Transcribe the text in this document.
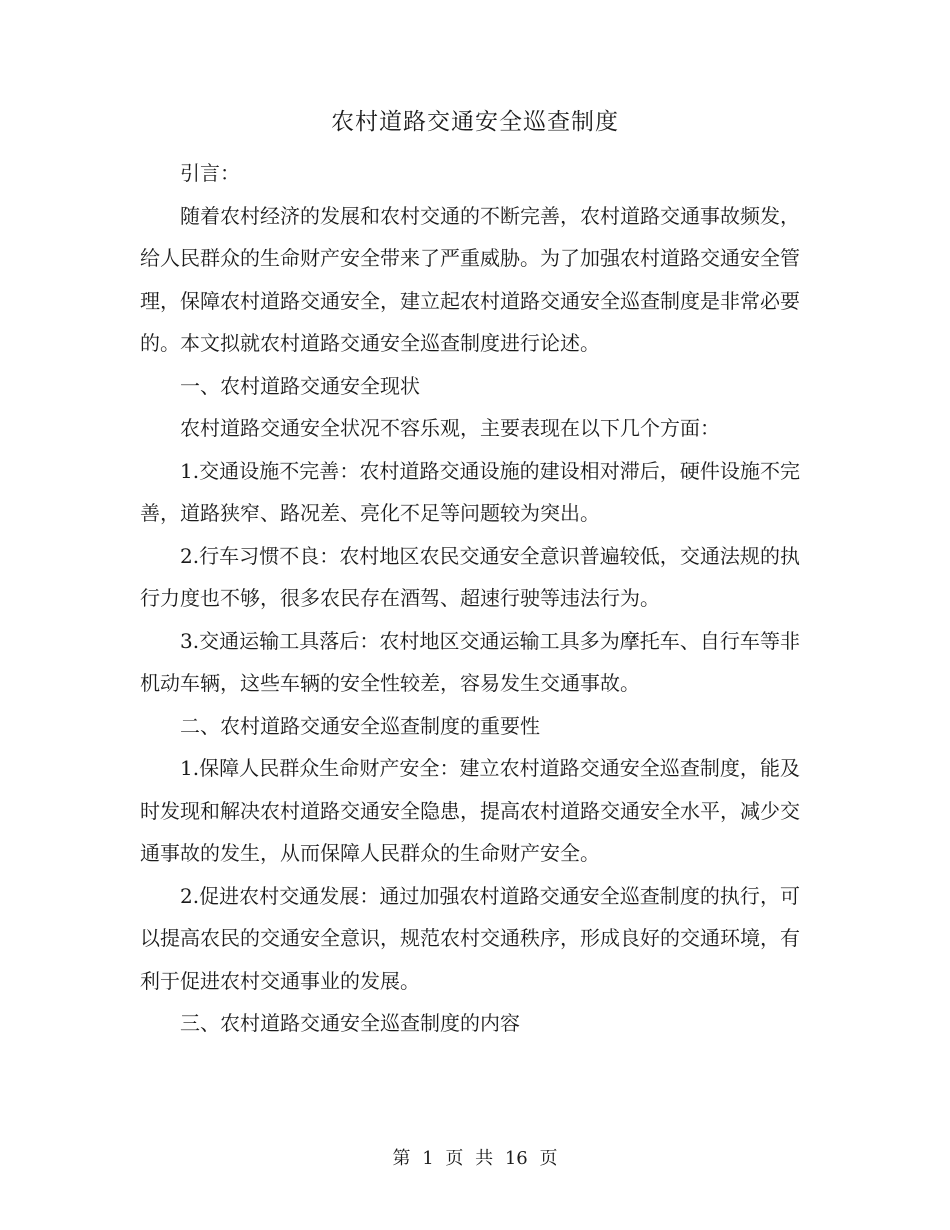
农村道路交通安全巡查制度

引言：

随着农村经济的发展和农村交通的不断完善，农村道路交通事故频发，给人民群众的生命财产安全带来了严重威胁。为了加强农村道路交通安全管理，保障农村道路交通安全，建立起农村道路交通安全巡查制度是非常必要的。本文拟就农村道路交通安全巡查制度进行论述。

一、农村道路交通安全现状

农村道路交通安全状况不容乐观，主要表现在以下几个方面：

1.交通设施不完善：农村道路交通设施的建设相对滞后，硬件设施不完善，道路狭窄、路况差、亮化不足等问题较为突出。

2.行车习惯不良：农村地区农民交通安全意识普遍较低，交通法规的执行力度也不够，很多农民存在酒驾、超速行驶等违法行为。

3.交通运输工具落后：农村地区交通运输工具多为摩托车、自行车等非机动车辆，这些车辆的安全性较差，容易发生交通事故。

二、农村道路交通安全巡查制度的重要性

1.保障人民群众生命财产安全：建立农村道路交通安全巡查制度，能及时发现和解决农村道路交通安全隐患，提高农村道路交通安全水平，减少交通事故的发生，从而保障人民群众的生命财产安全。

2.促进农村交通发展：通过加强农村道路交通安全巡查制度的执行，可以提高农民的交通安全意识，规范农村交通秩序，形成良好的交通环境，有利于促进农村交通事业的发展。

三、农村道路交通安全巡查制度的内容

第 1 页 共 16 页
